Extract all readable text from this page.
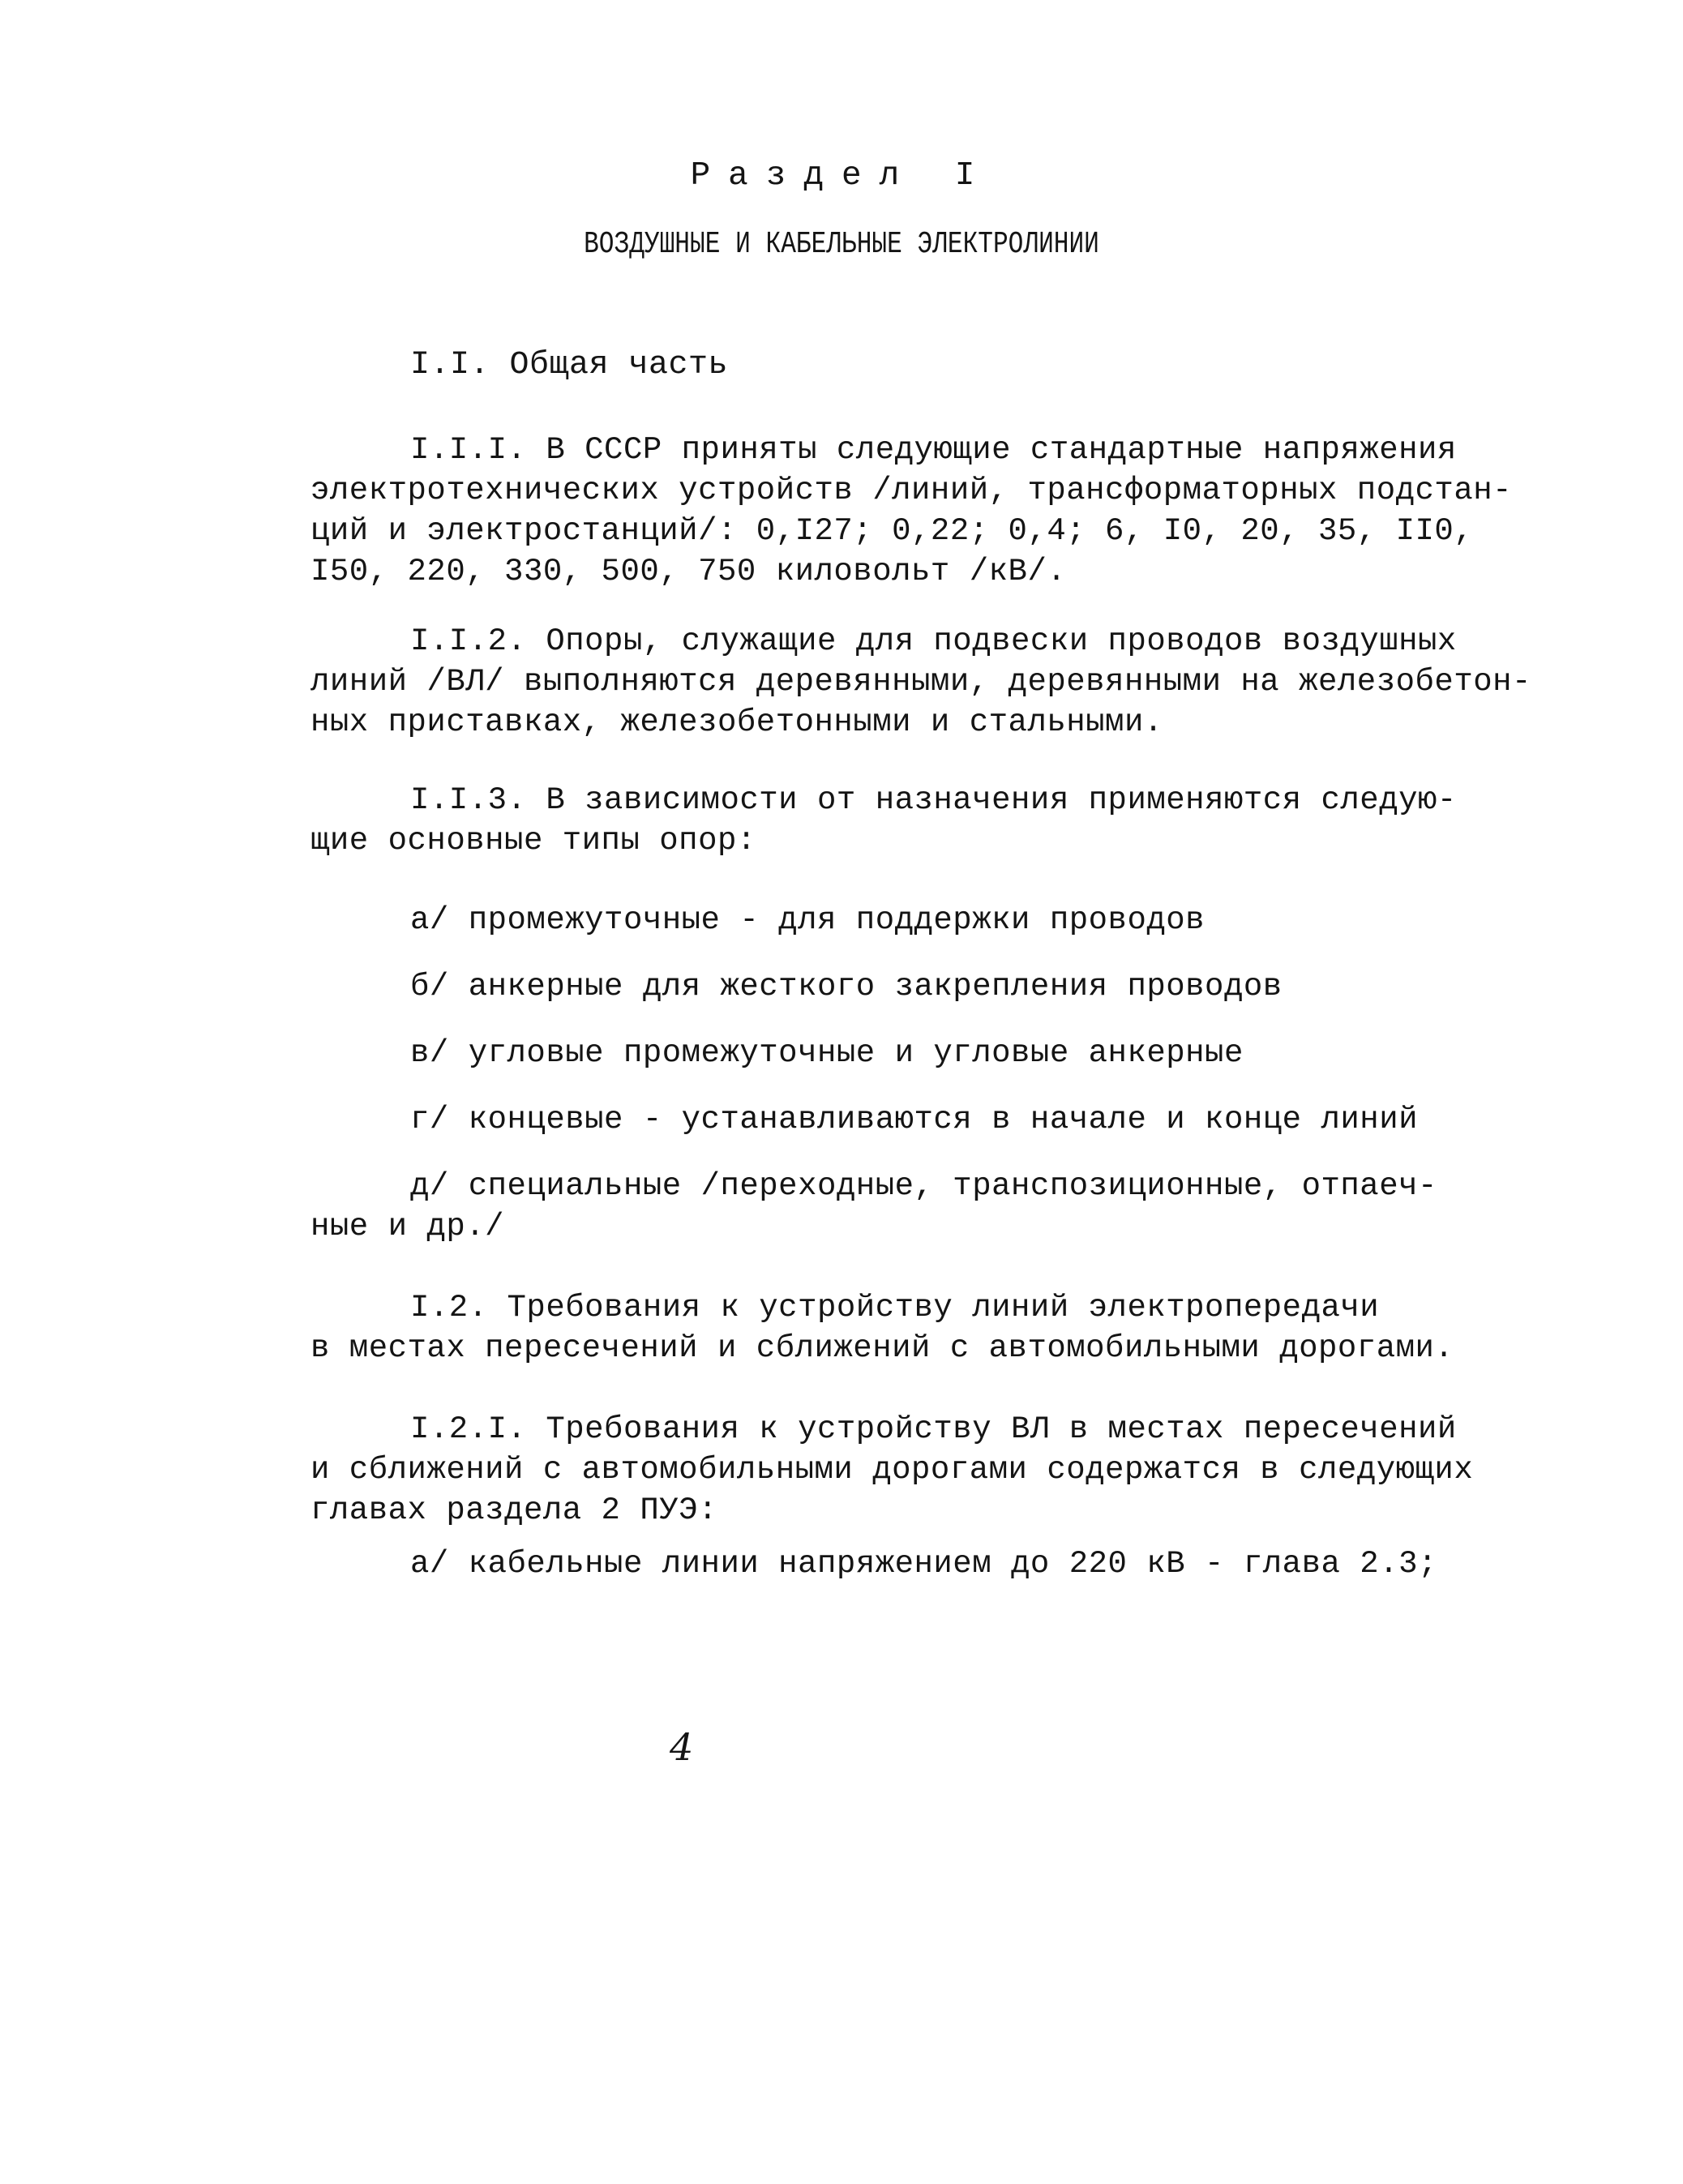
Раздел I
ВОЗДУШНЫЕ И КАБЕЛЬНЫЕ ЭЛЕКТРОЛИНИИ
I.I. Общая часть
I.I.I. В СССР приняты следующие стандартные напряжения
электротехнических устройств /линий, трансформаторных подстан-
ций и электростанций/: 0,I27; 0,22; 0,4; 6, I0, 20, 35, II0,
I50, 220, 330, 500, 750 киловольт /кВ/.
I.I.2. Опоры, служащие для подвески проводов воздушных
линий /ВЛ/ выполняются деревянными, деревянными на железобетон-
ных приставках, железобетонными и стальными.
I.I.3. В зависимости от назначения применяются следую-
щие основные типы опор:
а/ промежуточные - для поддержки проводов
б/ анкерные для жесткого закрепления проводов
в/ угловые промежуточные и угловые анкерные
г/ концевые - устанавливаются в начале и конце линий
д/ специальные /переходные, транспозиционные, отпаеч-
ные и др./
I.2. Требования к устройству линий электропередачи
в местах пересечений и сближений с автомобильными дорогами.
I.2.I. Требования к устройству ВЛ в местах пересечений
и сближений с автомобильными дорогами содержатся в следующих
главах раздела 2 ПУЭ:
а/ кабельные линии напряжением до 220 кВ - глава 2.3;
4
